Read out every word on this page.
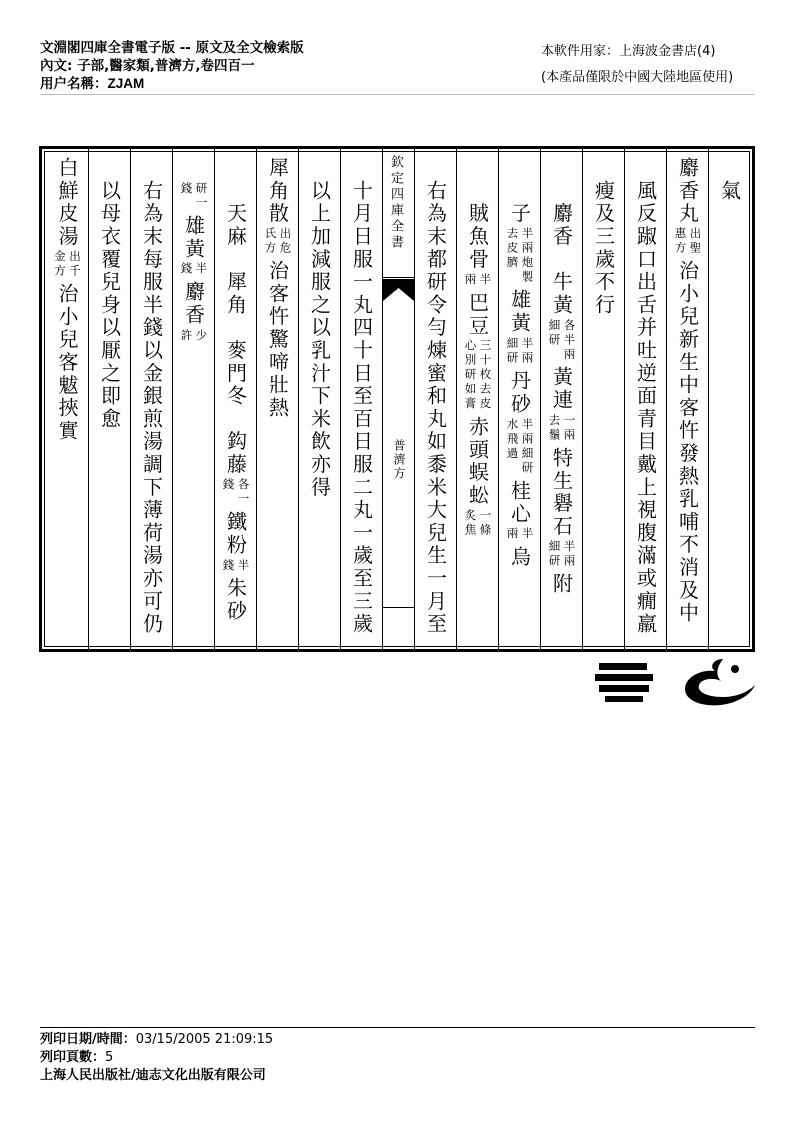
文淵閣四庫全書電子版 -- 原文及全文檢索版
內文: 子部,醫家類,普濟方,卷四百一
用户名稱：ZJAM
本軟件用家：上海波金書店(4)
(本產品僅限於中國大陸地區使用)
　氣
麝香丸
出聖
惠方
治小兒新生中客忤發熱乳哺不消及中
　風反踧口出舌并吐逆面青目戴上視腹滿或癇羸
　瘦及三歲不行
　　麝香　牛黃
各半兩
細研
黃連
一兩
去鬚
特生礜石
半兩
細研
附
　　子
半兩炮製
去皮臍
雄黃
半兩
細研
丹砂
半兩細研
水飛過
桂心
半
兩
烏
　　賊魚骨
半
兩
巴豆
三十枚去皮
心別研如膏
赤頭蜈蚣
一條
炙焦
　右為末都研令勻煉蜜和丸如黍米大兒生一月至
欽定四庫全書
普濟方
　十月日服一丸四十日至百日服二丸一歲至三歲
　以上加減服之以乳汁下米飲亦得
犀角散
出危
氏方
治客忤驚啼壯熱
　　天麻　犀角　麥門冬　鈎藤
各一
錢
鐵粉
半
錢
朱砂

研一
錢
雄黃
半
錢
麝香
少
許
　右為末每服半錢以金銀煎湯調下薄荷湯亦可仍
　以母衣覆兒身以厭之即愈
白鮮皮湯
出千
金方
治小兒客魃挾實
列印日期/時間：03/15/2005 21:09:15
列印頁數：5
上海人民出版社/迪志文化出版有限公司
